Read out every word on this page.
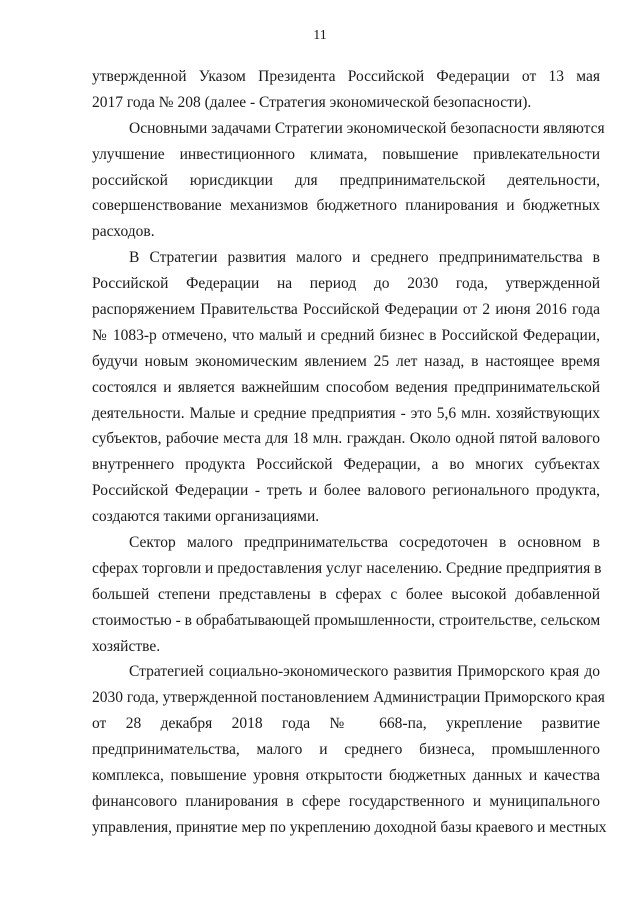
11
утвержденной Указом Президента Российской Федерации от 13 мая
2017 года № 208 (далее - Стратегия экономической безопасности).
Основными задачами Стратегии экономической безопасности являются
улучшение инвестиционного климата, повышение привлекательности
российской юрисдикции для предпринимательской деятельности,
совершенствование механизмов бюджетного планирования и бюджетных
расходов.
В Стратегии развития малого и среднего предпринимательства в
Российской Федерации на период до 2030 года, утвержденной
распоряжением Правительства Российской Федерации от 2 июня 2016 года
№ 1083-р отмечено, что малый и средний бизнес в Российской Федерации,
будучи новым экономическим явлением 25 лет назад, в настоящее время
состоялся и является важнейшим способом ведения предпринимательской
деятельности. Малые и средние предприятия - это 5,6 млн. хозяйствующих
субъектов, рабочие места для 18 млн. граждан. Около одной пятой валового
внутреннего продукта Российской Федерации, а во многих субъектах
Российской Федерации - треть и более валового регионального продукта,
создаются такими организациями.
Сектор малого предпринимательства сосредоточен в основном в
сферах торговли и предоставления услуг населению. Средние предприятия в
большей степени представлены в сферах с более высокой добавленной
стоимостью - в обрабатывающей промышленности, строительстве, сельском
хозяйстве.
Стратегией социально-экономического развития Приморского края до
2030 года, утвержденной постановлением Администрации Приморского края
от 28 декабря 2018 года № 668-па, укрепление развитие
предпринимательства, малого и среднего бизнеса, промышленного
комплекса, повышение уровня открытости бюджетных данных и качества
финансового планирования в сфере государственного и муниципального
управления, принятие мер по укреплению доходной базы краевого и местных
